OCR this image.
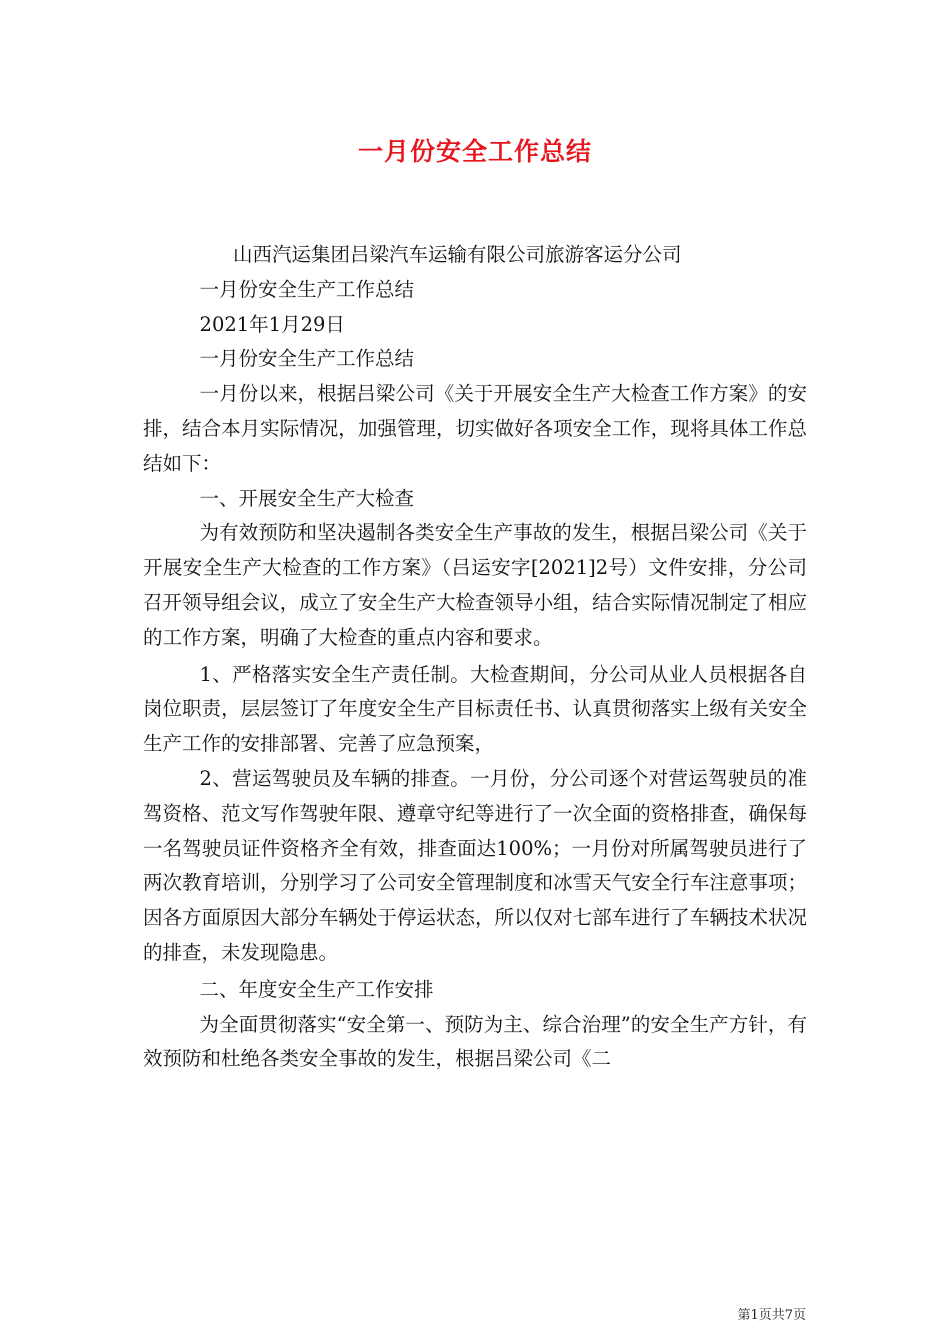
一月份安全工作总结

山西汽运集团吕梁汽车运输有限公司旅游客运分公司

一月份安全生产工作总结

2021年1月29日

一月份安全生产工作总结

一月份以来，根据吕梁公司《关于开展安全生产大检查工作方案》的安排，结合本月实际情况，加强管理，切实做好各项安全工作，现将具体工作总结如下：

一、开展安全生产大检查

为有效预防和坚决遏制各类安全生产事故的发生，根据吕梁公司《关于开展安全生产大检查的工作方案》（吕运安字[2021]2号）文件安排，分公司召开领导组会议，成立了安全生产大检查领导小组，结合实际情况制定了相应的工作方案，明确了大检查的重点内容和要求。

1、严格落实安全生产责任制。大检查期间，分公司从业人员根据各自岗位职责，层层签订了年度安全生产目标责任书、认真贯彻落实上级有关安全生产工作的安排部署、完善了应急预案，

2、营运驾驶员及车辆的排查。一月份，分公司逐个对营运驾驶员的准驾资格、范文写作驾驶年限、遵章守纪等进行了一次全面的资格排查，确保每一名驾驶员证件资格齐全有效，排查面达100%；一月份对所属驾驶员进行了两次教育培训，分别学习了公司安全管理制度和冰雪天气安全行车注意事项；因各方面原因大部分车辆处于停运状态，所以仅对七部车进行了车辆技术状况的排查，未发现隐患。

二、年度安全生产工作安排

为全面贯彻落实“安全第一、预防为主、综合治理”的安全生产方针，有效预防和杜绝各类安全事故的发生，根据吕梁公司《二

第1页共7页
